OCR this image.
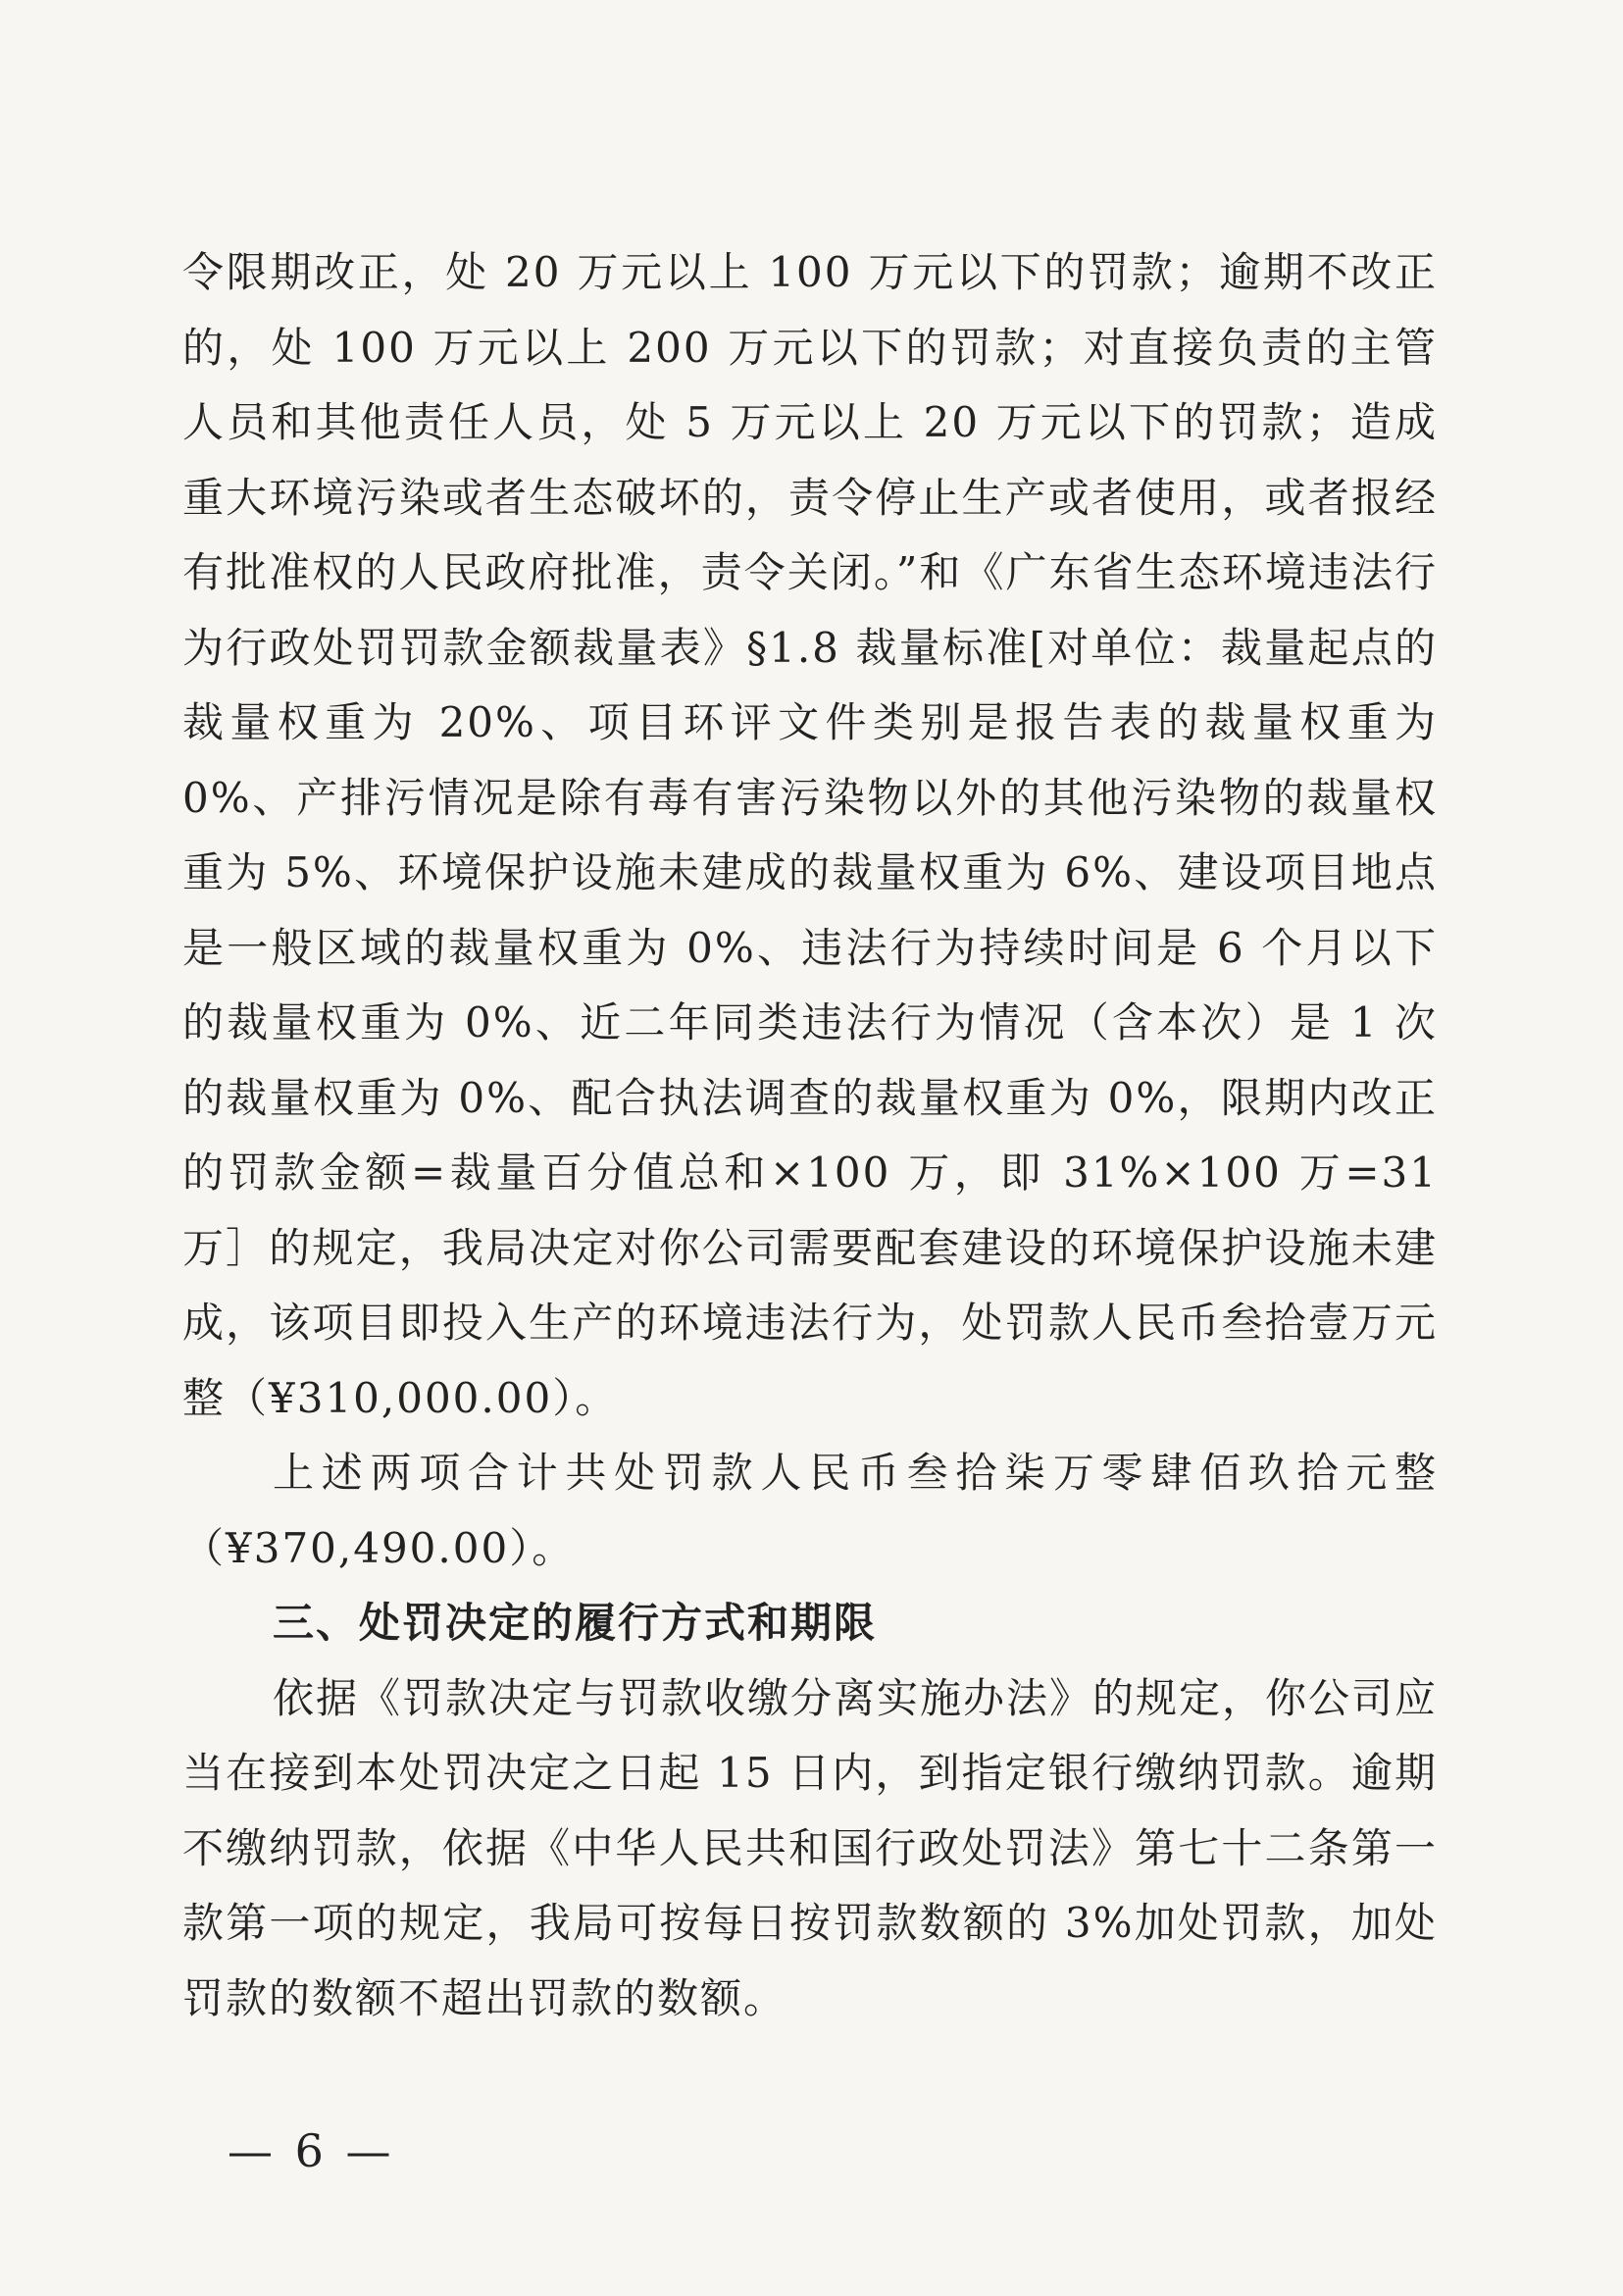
令限期改正，处 20 万元以上 100 万元以下的罚款；逾期不改正的，处 100 万元以上 200 万元以下的罚款；对直接负责的主管人员和其他责任人员，处 5 万元以上 20 万元以下的罚款；造成重大环境污染或者生态破坏的，责令停止生产或者使用，或者报经有批准权的人民政府批准，责令关闭。”和《广东省生态环境违法行为行政处罚罚款金额裁量表》§1.8 裁量标准[对单位：裁量起点的裁量权重为 20%、项目环评文件类别是报告表的裁量权重为 0%、产排污情况是除有毒有害污染物以外的其他污染物的裁量权重为 5%、环境保护设施未建成的裁量权重为 6%、建设项目地点是一般区域的裁量权重为 0%、违法行为持续时间是 6 个月以下的裁量权重为 0%、近二年同类违法行为情况（含本次）是 1 次的裁量权重为 0%、配合执法调查的裁量权重为 0%，限期内改正的罚款金额=裁量百分值总和×100 万，即 31%×100 万=31 万］的规定，我局决定对你公司需要配套建设的环境保护设施未建成，该项目即投入生产的环境违法行为，处罚款人民币叁拾壹万元整（¥310,000.00）。

上述两项合计共处罚款人民币叁拾柒万零肆佰玖拾元整（¥370,490.00）。

三、处罚决定的履行方式和期限

依据《罚款决定与罚款收缴分离实施办法》的规定，你公司应当在接到本处罚决定之日起 15 日内，到指定银行缴纳罚款。逾期不缴纳罚款，依据《中华人民共和国行政处罚法》第七十二条第一款第一项的规定，我局可按每日按罚款数额的 3%加处罚款，加处罚款的数额不超出罚款的数额。

— 6 —
